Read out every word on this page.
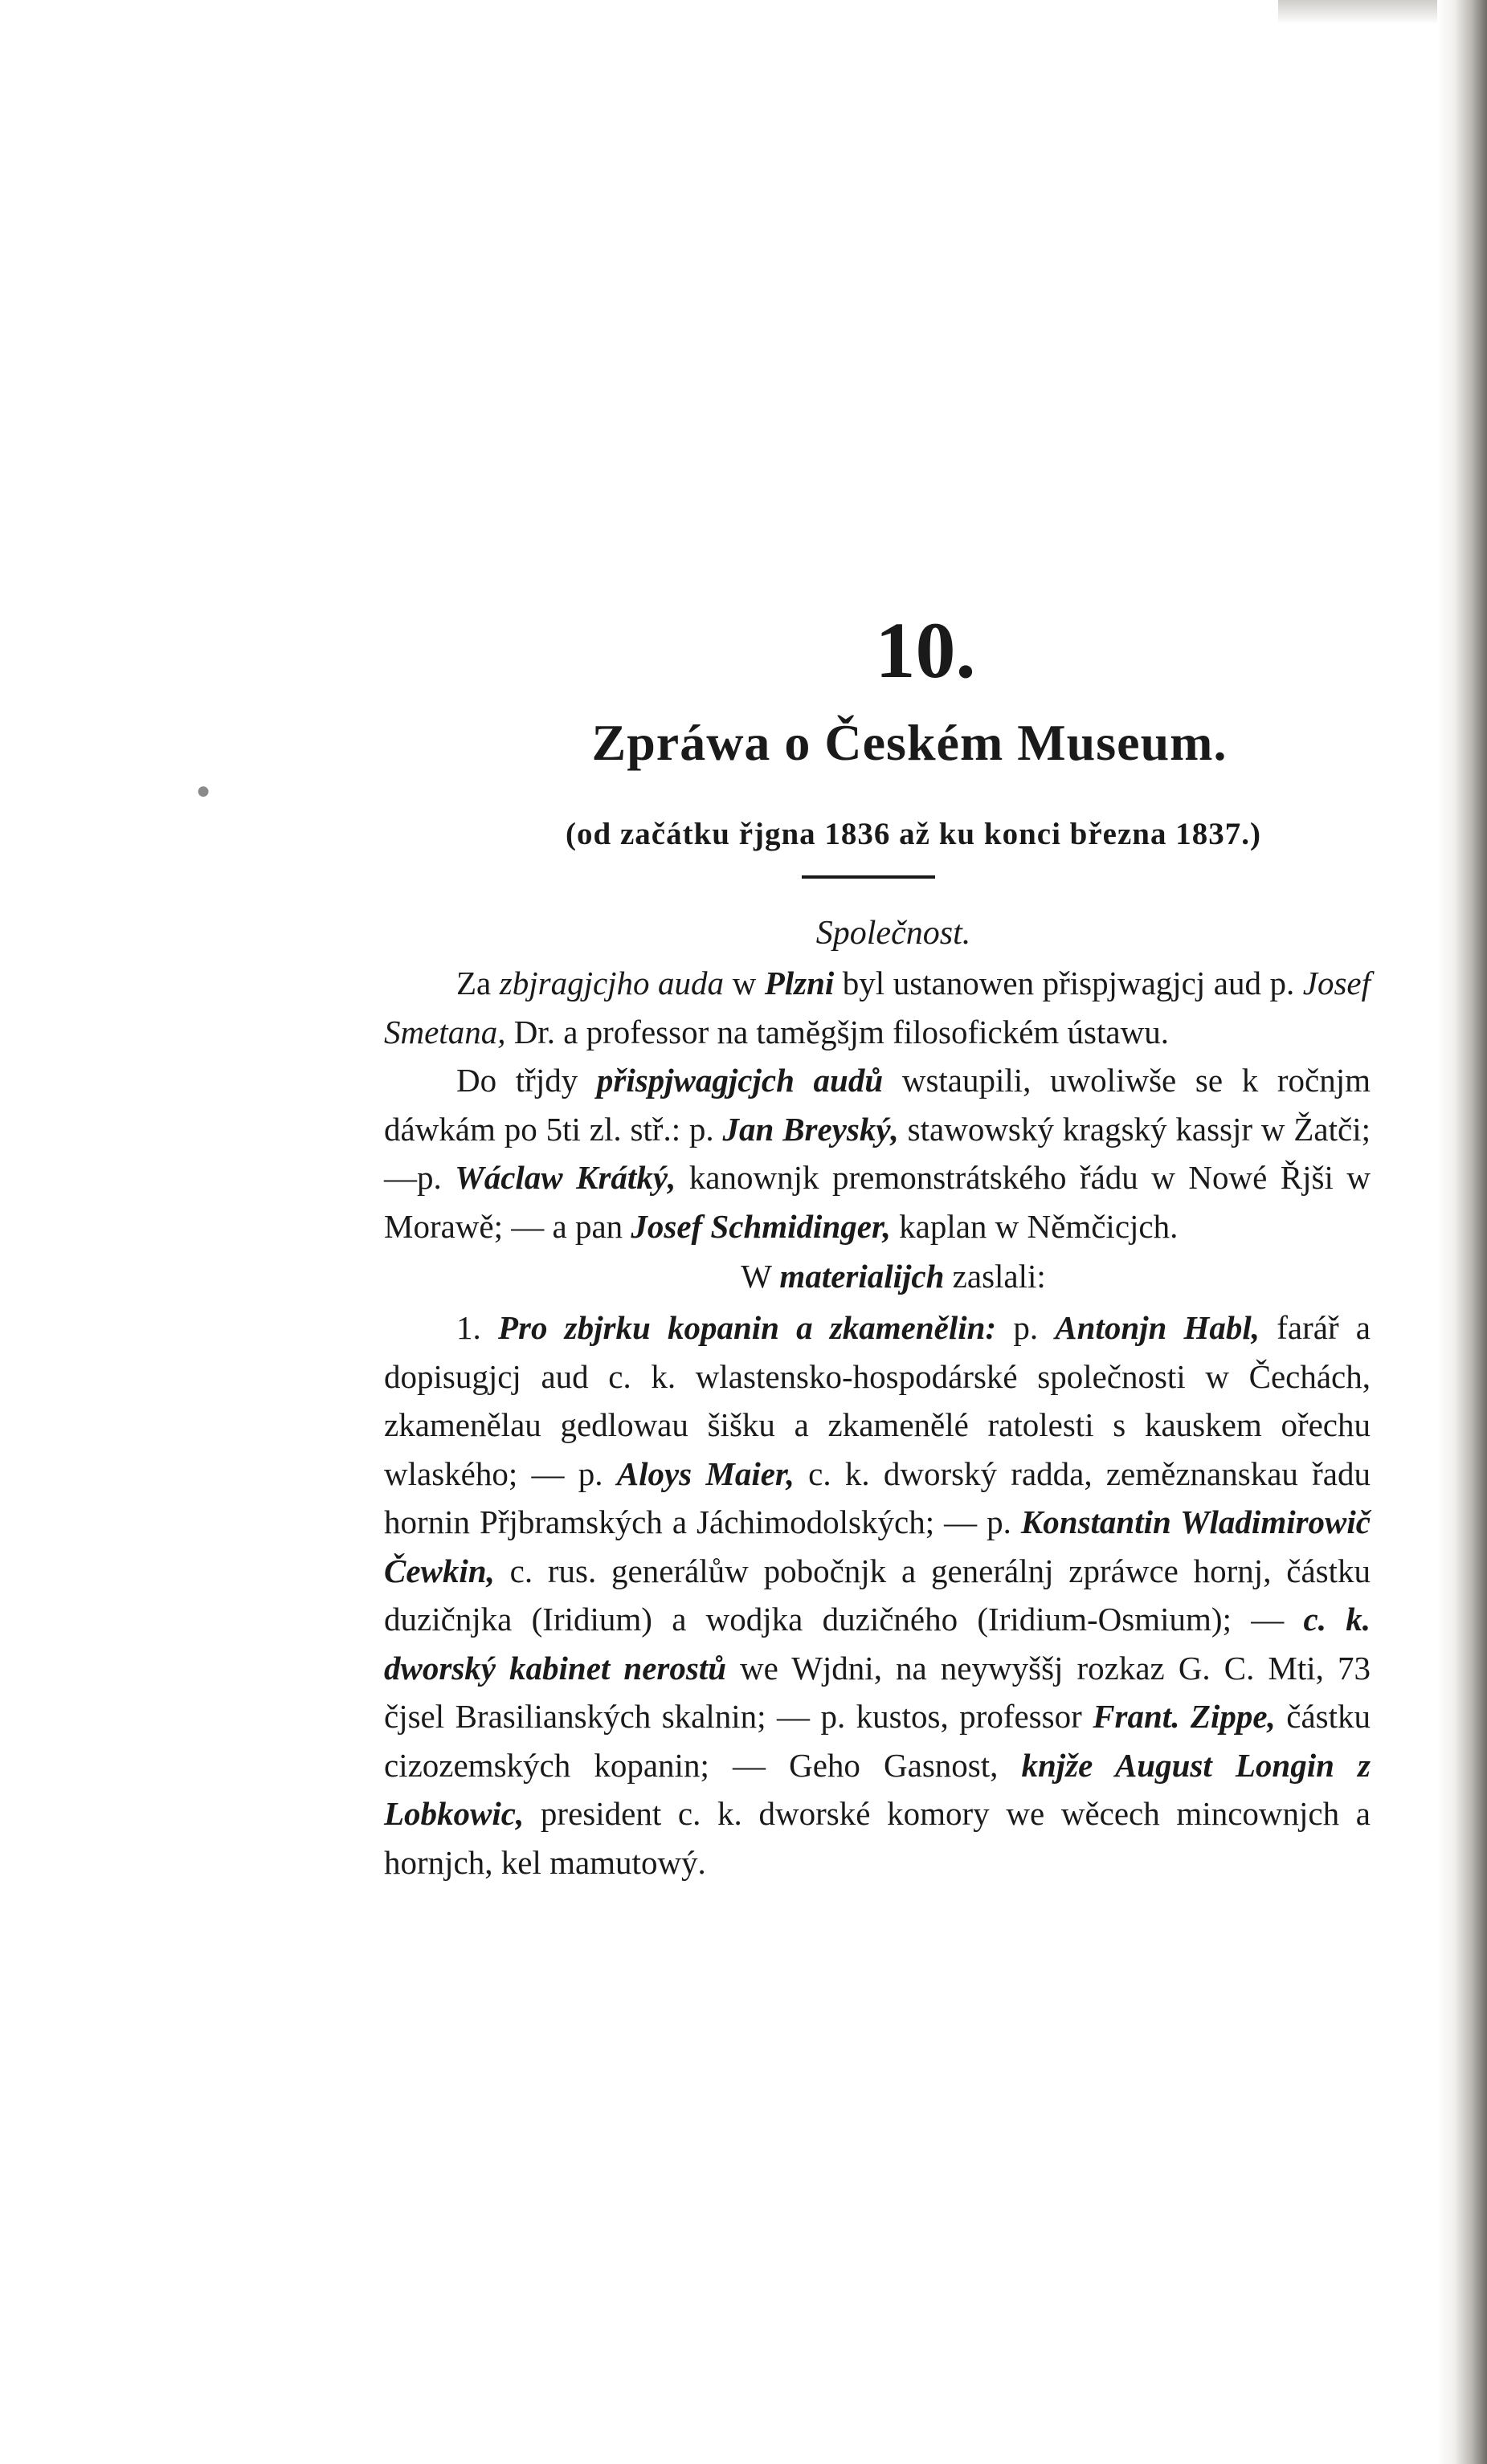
●
10.
Zpráwa o Českém Museum.
(od začátku řjgna 1836 až ku konci března 1837.)
Společnost.

Za zbjragjcjho auda w Plzni byl ustanowen přispjwagjcj aud p. Josef Smetana, Dr. a professor na tamĕgšjm filosofickém ústawu.

Do třjdy přispjwagjcjch audů wstaupili, uwoliwše se k ročnjm dáwkám po 5ti zl. stř.: p. Jan Breyský, stawowský kragský kassjr w Žatči; —p. Wáclaw Krátký, kanownjk premonstrátského řádu w Nowé Řjši w Morawě; — a pan Josef Schmidinger, kaplan w Němčicjch.

W materialijch zaslali:

1. Pro zbjrku kopanin a zkamenělin: p. Antonjn Habl, farář a dopisugjcj aud c. k. wlastensko-hospodárské společnosti w Čechách, zkamenělau gedlowau šišku a zkamenělé ratolesti s kauskem ořechu wlaského; — p. Aloys Maier, c. k. dworský radda, zeměznanskau řadu hornin Přjbramských a Jáchimodolských; — p. Konstantin Wladimirowič Čewkin, c. rus. generálůw pobočnjk a generálnj zpráwce hornj, částku duzičnjka (Iridium) a wodjka duzičného (Iridium-Osmium); — c. k. dworský kabinet nerostů we Wjdni, na neywyššj rozkaz G. C. Mti, 73 čjsel Brasilianských skalnin; — p. kustos, professor Frant. Zippe, částku cizozemských kopanin; — Geho Gasnost, knjže August Longin z Lobkowic, president c. k. dworské komory we wěcech mincownjch a hornjch, kel mamutowý.
